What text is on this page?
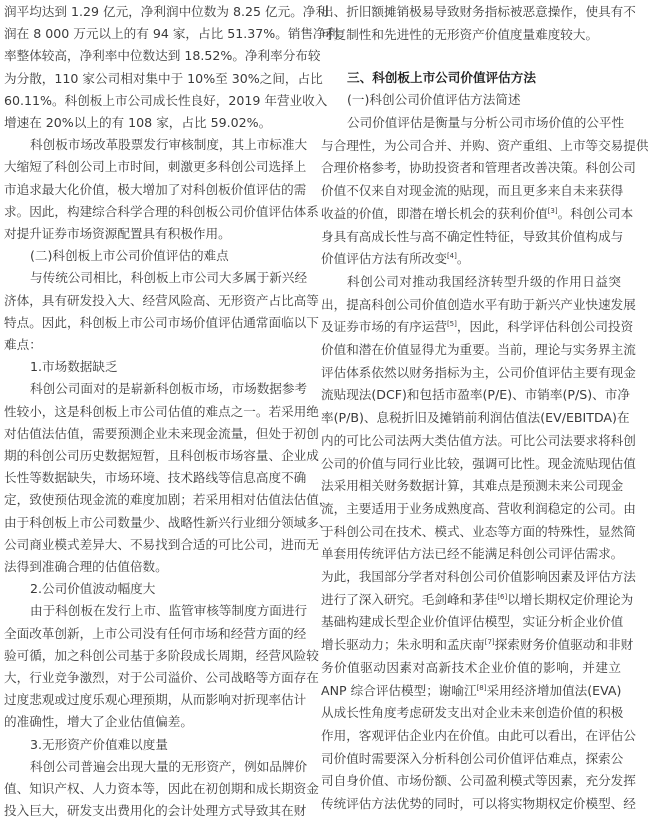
润平均达到 1.29 亿元，净利润中位数为 8.25 亿元。净利
润在 8 000 万元以上的有 94 家，占比 51.37%。销售净利
率整体较高，净利率中位数达到 18.52%。净利率分布较
为分散，110 家公司相对集中于 10%至 30%之间，占比
60.11%。科创板上市公司成长性良好，2019 年营业收入
增速在 20%以上的有 108 家，占比 59.02%。
科创板市场改革股票发行审核制度，其上市标准大
大缩短了科创公司上市时间，刺激更多科创公司选择上
市追求最大化价值，极大增加了对科创板价值评估的需
求。因此，构建综合科学合理的科创板公司价值评估体系
对提升证券市场资源配置具有积极作用。
(二)科创板上市公司价值评估的难点
与传统公司相比，科创板上市公司大多属于新兴经
济体，具有研发投入大、经营风险高、无形资产占比高等
特点。因此，科创板上市公司市场价值评估通常面临以下
难点：
1.市场数据缺乏
科创公司面对的是崭新科创板市场，市场数据参考
性较小，这是科创板上市公司估值的难点之一。若采用绝
对估值法估值，需要预测企业未来现金流量，但处于初创
期的科创公司历史数据短暂，且科创板市场容量、企业成
长性等数据缺失，市场环境、技术路线等信息高度不确
定，致使预估现金流的难度加剧；若采用相对估值法估值，
由于科创板上市公司数量少、战略性新兴行业细分领域多、
公司商业模式差异大、不易找到合适的可比公司，进而无
法得到准确合理的估值倍数。
2.公司价值波动幅度大
由于科创板在发行上市、监管审核等制度方面进行
全面改革创新，上市公司没有任何市场和经营方面的经
验可循，加之科创公司基于多阶段成长周期，经营风险较
大，行业竞争激烈，对于公司溢价、公司战略等方面存在
过度悲观或过度乐观心理预期，从而影响对折现率估计
的准确性，增大了企业估值偏差。
3.无形资产价值难以度量
科创公司普遍会出现大量的无形资产，例如品牌价
值、知识产权、人力资本等，因此在初创期和成长期资金
投入巨大，研发支出费用化的会计处理方式导致其在财
三、科创板上市公司价值评估方法
(一)科创公司价值评估方法简述
出、折旧额摊销极易导致财务指标被恶意操作，使具有不
可复制性和先进性的无形资产价值度量难度较大。
公司价值评估是衡量与分析公司市场价值的公平性
与合理性，为公司合并、并购、资产重组、上市等交易提供
合理价格参考，协助投资者和管理者改善决策。科创公司
价值不仅来自对现金流的贴现，而且更多来自未来获得
收益的价值，即潜在增长机会的获利价值[3]。科创公司本
身具有高成长性与高不确定性特征，导致其价值构成与
价值评估方法有所改变[4]。
科创公司对推动我国经济转型升级的作用日益突
出，提高科创公司价值创造水平有助于新兴产业快速发展
及证券市场的有序运营[5]，因此，科学评估科创公司投资
价值和潜在价值显得尤为重要。当前，理论与实务界主流
评估体系依然以财务指标为主，公司价值评估主要有现金
流贴现法(DCF)和包括市盈率(P/E)、市销率(P/S)、市净
率(P/B)、息税折旧及摊销前利润估值法(EV/EBITDA)在
内的可比公司法两大类估值方法。可比公司法要求将科创
公司的价值与同行业比较，强调可比性。现金流贴现估值
法采用相关财务数据计算，其难点是预测未来公司现金
流，主要适用于业务成熟度高、营收利润稳定的公司。由
于科创公司在技术、模式、业态等方面的特殊性，显然简
单套用传统评估方法已经不能满足科创公司评估需求。
为此，我国部分学者对科创公司价值影响因素及评估方法
进行了深入研究。毛剑峰和茅佳[6]以增长期权定价理论为
基础构建成长型企业价值评估模型，实证分析企业价值
增长驱动力；朱永明和孟庆南[7]探索财务价值驱动和非财
务价值驱动因素对高新技术企业价值的影响，并建立
ANP 综合评估模型；谢喻江[8]采用经济增加值法(EVA)
从成长性角度考虑研发支出对企业未来创造价值的积极
作用，客观评估企业内在价值。由此可以看出，在评估公
司价值时需要深入分析科创公司价值评估难点，探索公
司自身价值、市场份额、公司盈利模式等因素，充分发挥
传统评估方法优势的同时，可以将实物期权定价模型、经
